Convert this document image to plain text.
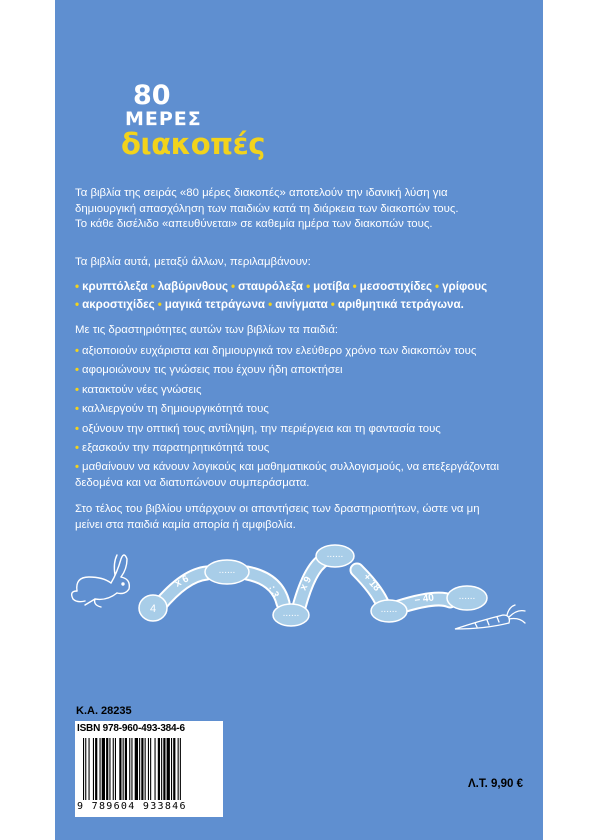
80
ΜΕΡΕΣ
διακοπές
Τα βιβλία της σειράς «80 μέρες διακοπές» αποτελούν την ιδανική λύση για
δημιουργική απασχόληση των παιδιών κατά τη διάρκεια των διακοπών τους.
Το κάθε δισέλιδο «απευθύνεται» σε καθεμία ημέρα των διακοπών τους.
Τα βιβλία αυτά, μεταξύ άλλων, περιλαμβάνουν:
• κρυπτόλεξα • λαβύρινθους • σταυρόλεξα • μοτίβα • μεσοστιχίδες • γρίφους
• ακροστιχίδες • μαγικά τετράγωνα • αινίγματα • αριθμητικά τετράγωνα.
Με τις δραστηριότητες αυτών των βιβλίων τα παιδιά:
• αξιοποιούν ευχάριστα και δημιουργικά τον ελεύθερο χρόνο των διακοπών τους
• αφομοιώνουν τις γνώσεις που έχουν ήδη αποκτήσει
• κατακτούν νέες γνώσεις
• καλλιεργούν τη δημιουργικότητά τους
• οξύνουν την οπτική τους αντίληψη, την περιέργεια και τη φαντασία τους
• εξασκούν την παρατηρητικότητά τους
• μαθαίνουν να κάνουν λογικούς και μαθηματικούς συλλογισμούς, να επεξεργάζονται
δεδομένα και να διατυπώνουν συμπεράσματα.
Στο τέλος του βιβλίου υπάρχουν οι απαντήσεις των δραστηριοτήτων, ώστε να μη
μείνει στα παιδιά καμία απορία ή αμφιβολία.
x 6
: 3 x 9	+ 18
– 40
4
......
......
......
......
......
Κ.Α. 28235
ISBN 978-960-493-384-6
9 789604 933846
Λ.Τ. 9,90 €
